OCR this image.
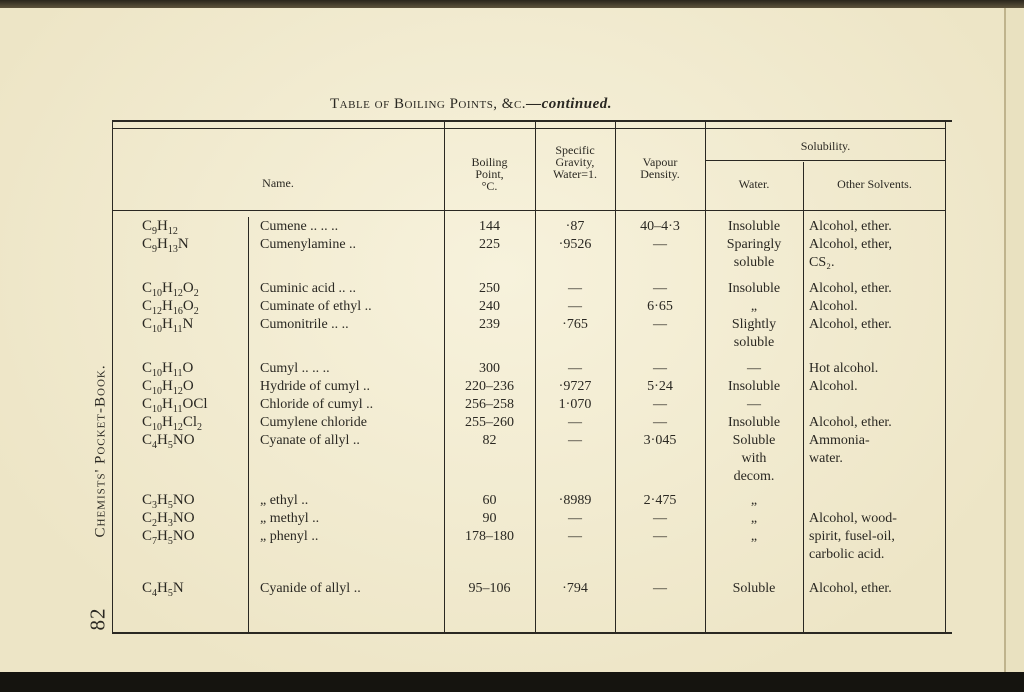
82Chemists' Pocket-Book.
Table of Boiling Points, &c.—continued.
Name.
Boiling
Point,
°C.
Specific
Gravity,
Water=1.
Vapour
Density.
Solubility.
Water.	Other Solvents.
$C_9H_{12}$	Cumene .. .. ..	144	·87	40–4·3	Insoluble	Alcohol, ether.
$C_9H_{13}N$	Cumenylamine ..	225	·9526	—	Sparingly	Alcohol, ether,
soluble	CS₂.
$C_{10}H_{12}O_2$	Cuminic acid .. ..	250	—	—	Insoluble	Alcohol, ether.
$C_{12}H_{16}O_2$	Cuminate of ethyl ..	240	—	6·65	„	Alcohol.
$C_{10}H_{11}N$	Cumonitrile .. ..	239	·765	—	Slightly	Alcohol, ether.
soluble
$C_{10}H_{11}O$	Cumyl .. .. ..	300	—	—	—	Hot alcohol.
$C_{10}H_{12}O$	Hydride of cumyl ..	220–236	·9727	5·24	Insoluble	Alcohol.
$C_{10}H_{11}OCl$	Chloride of cumyl ..	256–258	1·070	—	—
$C_{10}H_{12}Cl_2$	Cumylene chloride	255–260	—	—	Insoluble	Alcohol, ether.
$C_4H_5NO$	Cyanate of allyl ..	82	—	3·045	Soluble	Ammonia-
with	water.
decom.
$C_3H_5NO$	„ ethyl ..	60	·8989	2·475	„
$C_2H_3NO$	„ methyl ..	90	—	—	„	Alcohol, wood-
$C_7H_5NO$	„ phenyl ..	178–180	—	—	„	spirit, fusel-oil,
carbolic acid.
$C_4H_5N$	Cyanide of allyl ..	95–106	·794	—	Soluble	Alcohol, ether.
